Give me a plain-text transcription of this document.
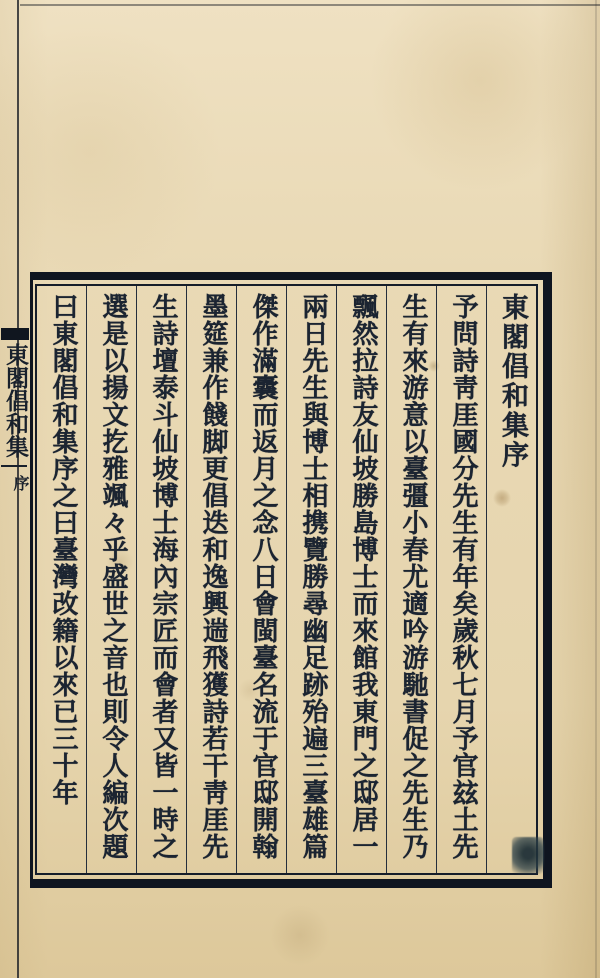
東閣倡和集
序
東閣倡和集序
予問詩靑厓國分先生有年矣歲秋七月予官玆土先
生有來游意以臺彊小春尤適吟游馳書促之先生乃
飄然拉詩友仙坡勝島博士而來館我東門之邸居一
兩日先生與博士相携覽勝尋幽足跡殆遍三臺雄篇
傑作滿囊而返月之念八日會閩臺名流于官邸開翰
墨筵兼作餞脚更倡迭和逸興遄飛獲詩若干靑厓先
生詩壇泰斗仙坡博士海內宗匠而會者又皆一時之
選是以揚文扢雅颯々乎盛世之音也則令人編次題
曰東閣倡和集序之曰臺灣改籍以來已三十年
